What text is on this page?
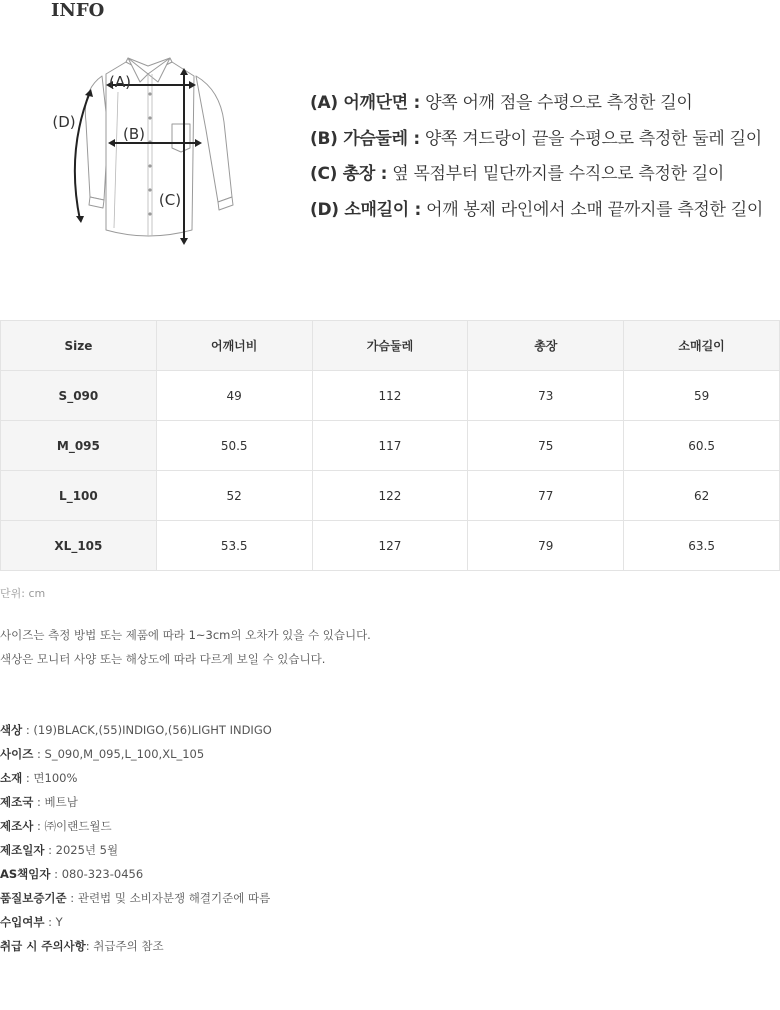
INFO
(A)
(B)
(C)
(D)
(A) 어깨단면 : 양쪽 어깨 점을 수평으로 측정한 길이
(B) 가슴둘레 : 양쪽 겨드랑이 끝을 수평으로 측정한 둘레 길이
(C) 총장 : 옆 목점부터 밑단까지를 수직으로 측정한 길이
(D) 소매길이 : 어깨 봉제 라인에서 소매 끝까지를 측정한 길이
Size	어깨너비	가슴둘레	총장	소매길이
S_090	49	112	73	59
M_095	50.5	117	75	60.5
L_100	52	122	77	62
XL_105	53.5	127	79	63.5
단위: cm

사이즈는 측정 방법 또는 제품에 따라 1~3cm의 오차가 있을 수 있습니다.

색상은 모니터 사양 또는 해상도에 따라 다르게 보일 수 있습니다.

색상 : (19)BLACK,(55)INDIGO,(56)LIGHT INDIGO
사이즈 : S_090,M_095,L_100,XL_105
소재 : 면100%
제조국 : 베트남
제조사 : ㈜이랜드월드
제조일자 : 2025년 5월
AS책임자 : 080-323-0456
품질보증기준 : 관련법 및 소비자분쟁 해결기준에 따름
수입여부 : Y
취급 시 주의사항: 취급주의 참조
